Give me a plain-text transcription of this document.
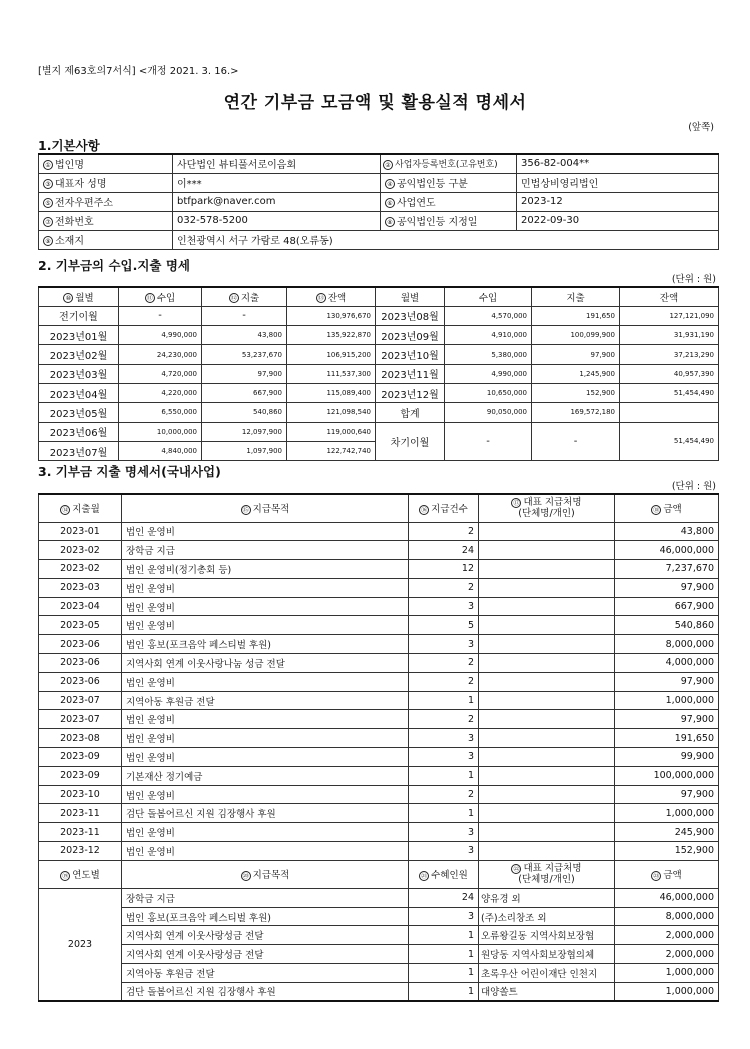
[별지 제63호의7서식] <개정 2021. 3. 16.>
연간 기부금 모금액 및 활용실적 명세서
(앞쪽)
1.기본사항
① 법인명	사단법인 뷰티풀서로이음회	② 사업자등록번호(고유번호)	356-82-004**
③ 대표자 성명	이***	④ 공익법인등 구분	민법상비영리법인
⑤ 전자우편주소	btfpark@naver.com	⑥ 사업연도	2023-12
⑦ 전화번호	032-578-5200	⑧ 공익법인등 지정일	2022-09-30
⑨ 소재지	인천광역시 서구 가람로 48(오류동)		
2. 기부금의 수입.지출 명세
(단위 : 원)
⑩ 월별	⑪ 수입	⑫ 지출	⑬ 잔액	월별	수입	지출	잔액
전기이월	-	-	130,976,670	2023년08월	4,570,000	191,650	127,121,090
2023년01월	4,990,000	43,800	135,922,870	2023년09월	4,910,000	100,099,900	31,931,190
2023년02월	24,230,000	53,237,670	106,915,200	2023년10월	5,380,000	97,900	37,213,290
2023년03월	4,720,000	97,900	111,537,300	2023년11월	4,990,000	1,245,900	40,957,390
2023년04월	4,220,000	667,900	115,089,400	2023년12월	10,650,000	152,900	51,454,490
2023년05월	6,550,000	540,860	121,098,540	합계	90,050,000	169,572,180	
2023년06월	10,000,000	12,097,900	119,000,640	차기이월	-	-	51,454,490
2023년07월	4,840,000	1,097,900	122,742,740				
3. 기부금 지출 명세서(국내사업)
(단위 : 원)
⑭ 지출월	⑮ 지급목적	⑯ 지급건수	⑰ 대표 지급처명
(단체명/개인)	⑱ 금액
2023-01	법인 운영비	2		43,800
2023-02	장학금 지급	24		46,000,000
2023-02	법인 운영비(정기총회 등)	12		7,237,670
2023-03	법인 운영비	2		97,900
2023-04	법인 운영비	3		667,900
2023-05	법인 운영비	5		540,860
2023-06	법인 홍보(포크음악 페스티벌 후원)	3		8,000,000
2023-06	지역사회 연계 이웃사랑나눔 성금 전달	2		4,000,000
2023-06	법인 운영비	2		97,900
2023-07	지역아동 후원금 전달	1		1,000,000
2023-07	법인 운영비	2		97,900
2023-08	법인 운영비	3		191,650
2023-09	법인 운영비	3		99,900
2023-09	기본재산 정기예금	1		100,000,000
2023-10	법인 운영비	2		97,900
2023-11	검단 돌봄어르신 지원 김장행사 후원	1		1,000,000
2023-11	법인 운영비	3		245,900
2023-12	법인 운영비	3		152,900
⑲ 연도별	⑳ 지급목적	㉑ 수혜인원	㉒ 대표 지급처명
(단체명/개인)	㉓ 금액
2023	장학금 지급	24	양유경 외	46,000,000
	법인 홍보(포크음악 페스티벌 후원)	3	(주)소리창조 외	8,000,000
	지역사회 연계 이웃사랑성금 전달	1	오류왕길동 지역사회보장협	2,000,000
	지역사회 연계 이웃사랑성금 전달	1	원당동 지역사회보장협의체	2,000,000
	지역아동 후원금 전달	1	초록우산 어린이재단 인천지	1,000,000
	검단 돌봄어르신 지원 김장행사 후원	1	대양쏠트	1,000,000
